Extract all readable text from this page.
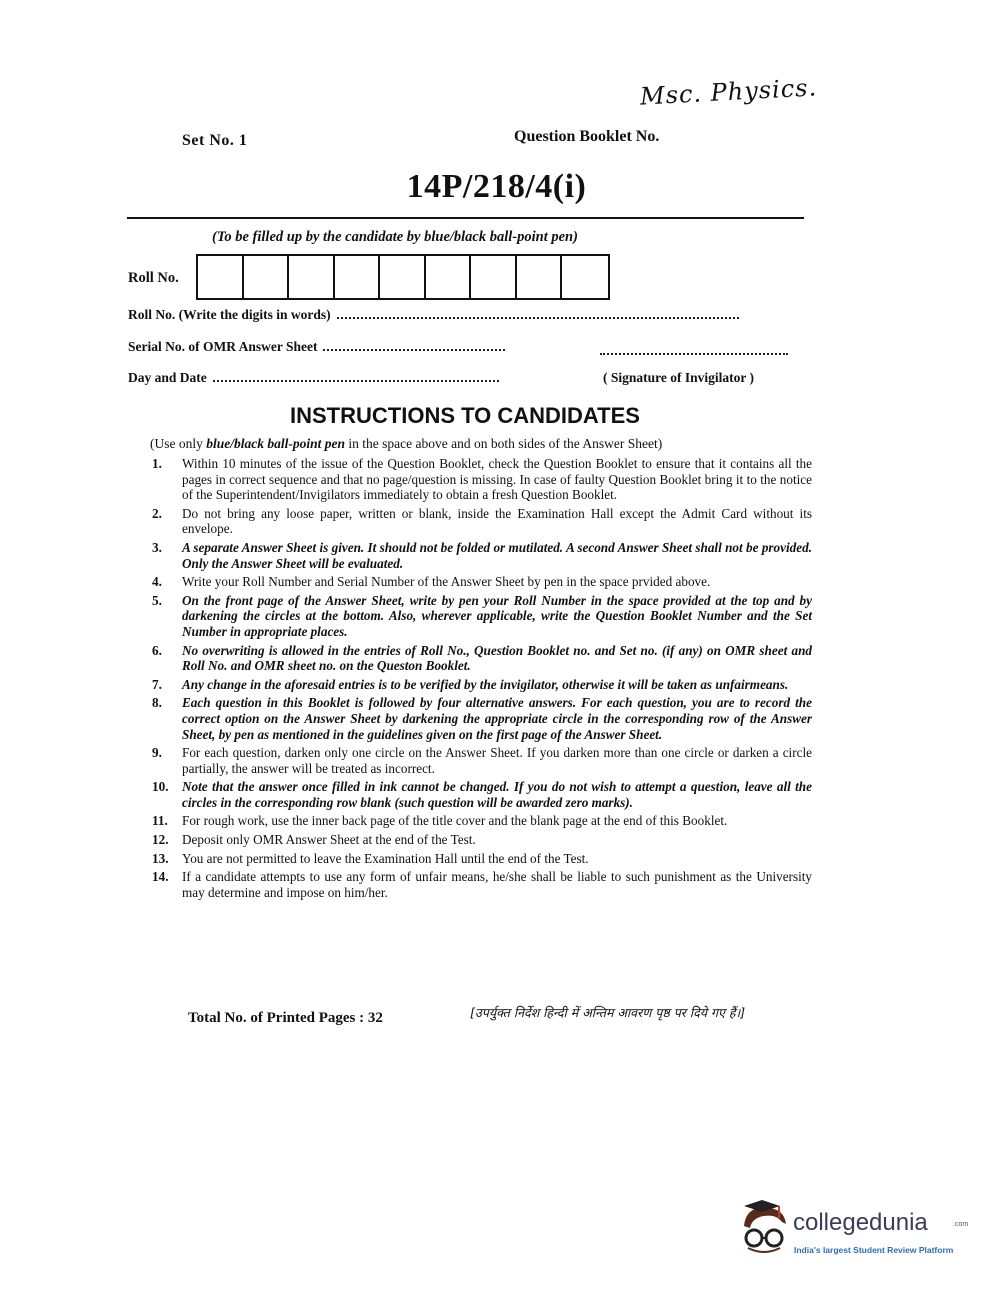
Msc. Physics.
Set No. 1	Question Booklet No.
14P/218/4(i)
(To be filled up by the candidate by blue/black ball-point pen)
Roll No.
Roll No. (Write the digits in words)
Serial No. of OMR Answer Sheet
Day and Date	( Signature of Invigilator )
INSTRUCTIONS TO CANDIDATES
(Use only blue/black ball-point pen in the space above and on both sides of the Answer Sheet)
1. Within 10 minutes of the issue of the Question Booklet, check the Question Booklet to ensure that it contains all the pages in correct sequence and that no page/question is missing. In case of faulty Question Booklet bring it to the notice of the Superintendent/Invigilators immediately to obtain a fresh Question Booklet.
2. Do not bring any loose paper, written or blank, inside the Examination Hall except the Admit Card without its envelope.
3. A separate Answer Sheet is given. It should not be folded or mutilated. A second Answer Sheet shall not be provided. Only the Answer Sheet will be evaluated.
4. Write your Roll Number and Serial Number of the Answer Sheet by pen in the space prvided above.
5. On the front page of the Answer Sheet, write by pen your Roll Number in the space provided at the top and by darkening the circles at the bottom. Also, wherever applicable, write the Question Booklet Number and the Set Number in appropriate places.
6. No overwriting is allowed in the entries of Roll No., Question Booklet no. and Set no. (if any) on OMR sheet and Roll No. and OMR sheet no. on the Queston Booklet.
7. Any change in the aforesaid entries is to be verified by the invigilator, otherwise it will be taken as unfairmeans.
8. Each question in this Booklet is followed by four alternative answers. For each question, you are to record the correct option on the Answer Sheet by darkening the appropriate circle in the corresponding row of the Answer Sheet, by pen as mentioned in the guidelines given on the first page of the Answer Sheet.
9. For each question, darken only one circle on the Answer Sheet. If you darken more than one circle or darken a circle partially, the answer will be treated as incorrect.
10. Note that the answer once filled in ink cannot be changed. If you do not wish to attempt a question, leave all the circles in the corresponding row blank (such question will be awarded zero marks).
11. For rough work, use the inner back page of the title cover and the blank page at the end of this Booklet.
12. Deposit only OMR Answer Sheet at the end of the Test.
13. You are not permitted to leave the Examination Hall until the end of the Test.
14. If a candidate attempts to use any form of unfair means, he/she shall be liable to such punishment as the University may determine and impose on him/her.
Total No. of Printed Pages : 32	[उपर्युक्त निर्देश हिन्दी में अन्तिम आवरण पृष्ठ पर दिये गए हैं।]
collegedunia	.com
India's largest Student Review Platform
